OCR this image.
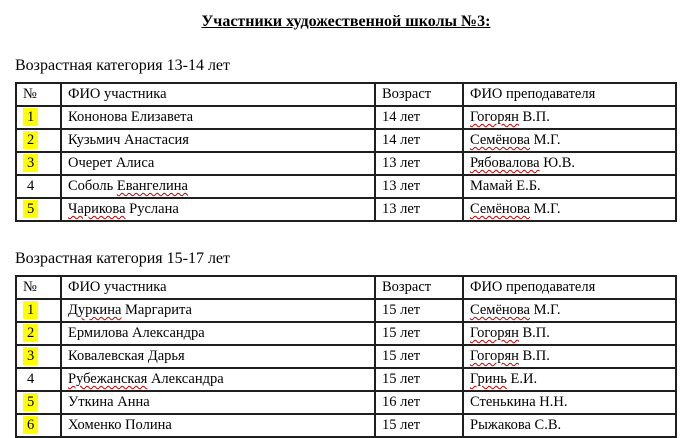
Участники художественной школы №3:
Возрастная категория 13-14 лет
№	ФИО участника	Возраст	ФИО преподавателя
1	Кононова Елизавета	14 лет	Гогорян В.П.
2	Кузьмич Анастасия	14 лет	Семёнова М.Г.
3	Очерет Алиса	13 лет	Рябовалова Ю.В.
4	Соболь Евангелина	13 лет	Мамай Е.Б.
5	Чарикова Руслана	13 лет	Семёнова М.Г.
Возрастная категория 15-17 лет
№	ФИО участника	Возраст	ФИО преподавателя
1	Дуркина Маргарита	15 лет	Семёнова М.Г.
2	Ермилова Александра	15 лет	Гогорян В.П.
3	Ковалевская Дарья	15 лет	Гогорян В.П.
4	Рубежанская Александра	15 лет	Гринь Е.И.
5	Уткина Анна	16 лет	Стенькина Н.Н.
6	Хоменко Полина	15 лет	Рыжакова С.В.
